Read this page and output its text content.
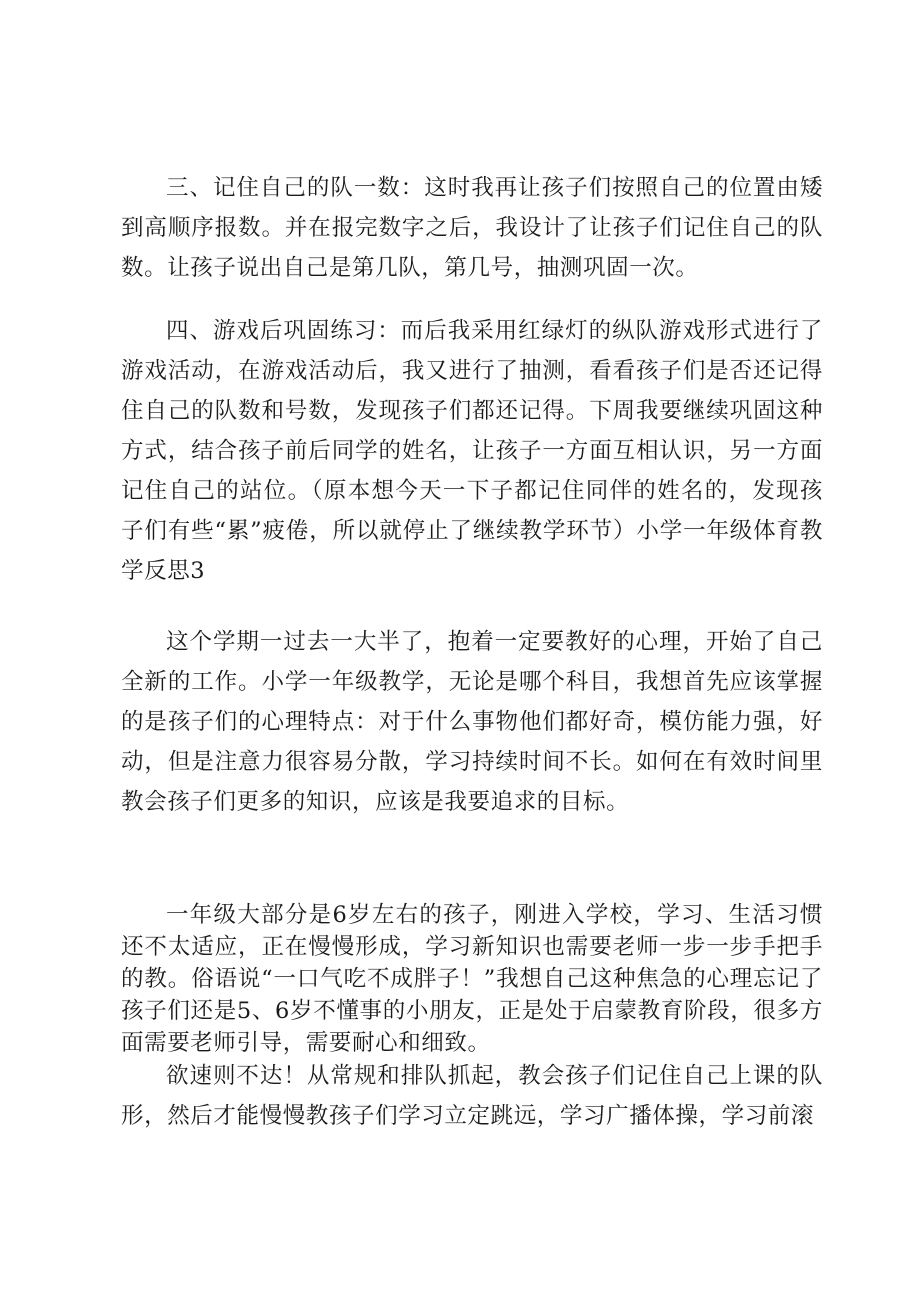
三、记住自己的队一数：这时我再让孩子们按照自己的位置由矮到高顺序报数。并在报完数字之后，我设计了让孩子们记住自己的队数。让孩子说出自己是第几队，第几号，抽测巩固一次。

四、游戏后巩固练习：而后我采用红绿灯的纵队游戏形式进行了游戏活动，在游戏活动后，我又进行了抽测，看看孩子们是否还记得住自己的队数和号数，发现孩子们都还记得。下周我要继续巩固这种方式，结合孩子前后同学的姓名，让孩子一方面互相认识，另一方面记住自己的站位。（原本想今天一下子都记住同伴的姓名的，发现孩子们有些“累”疲倦，所以就停止了继续教学环节）小学一年级体育教学反思3

这个学期一过去一大半了，抱着一定要教好的心理，开始了自己全新的工作。小学一年级教学，无论是哪个科目，我想首先应该掌握的是孩子们的心理特点：对于什么事物他们都好奇，模仿能力强，好动，但是注意力很容易分散，学习持续时间不长。如何在有效时间里教会孩子们更多的知识，应该是我要追求的目标。

一年级大部分是6岁左右的孩子，刚进入学校，学习、生活习惯还不太适应，正在慢慢形成，学习新知识也需要老师一步一步手把手的教。俗语说“一口气吃不成胖子！”我想自己这种焦急的心理忘记了孩子们还是5、6岁不懂事的小朋友，正是处于启蒙教育阶段，很多方面需要老师引导，需要耐心和细致。

欲速则不达！从常规和排队抓起，教会孩子们记住自己上课的队形，然后才能慢慢教孩子们学习立定跳远，学习广播体操，学习前滚
